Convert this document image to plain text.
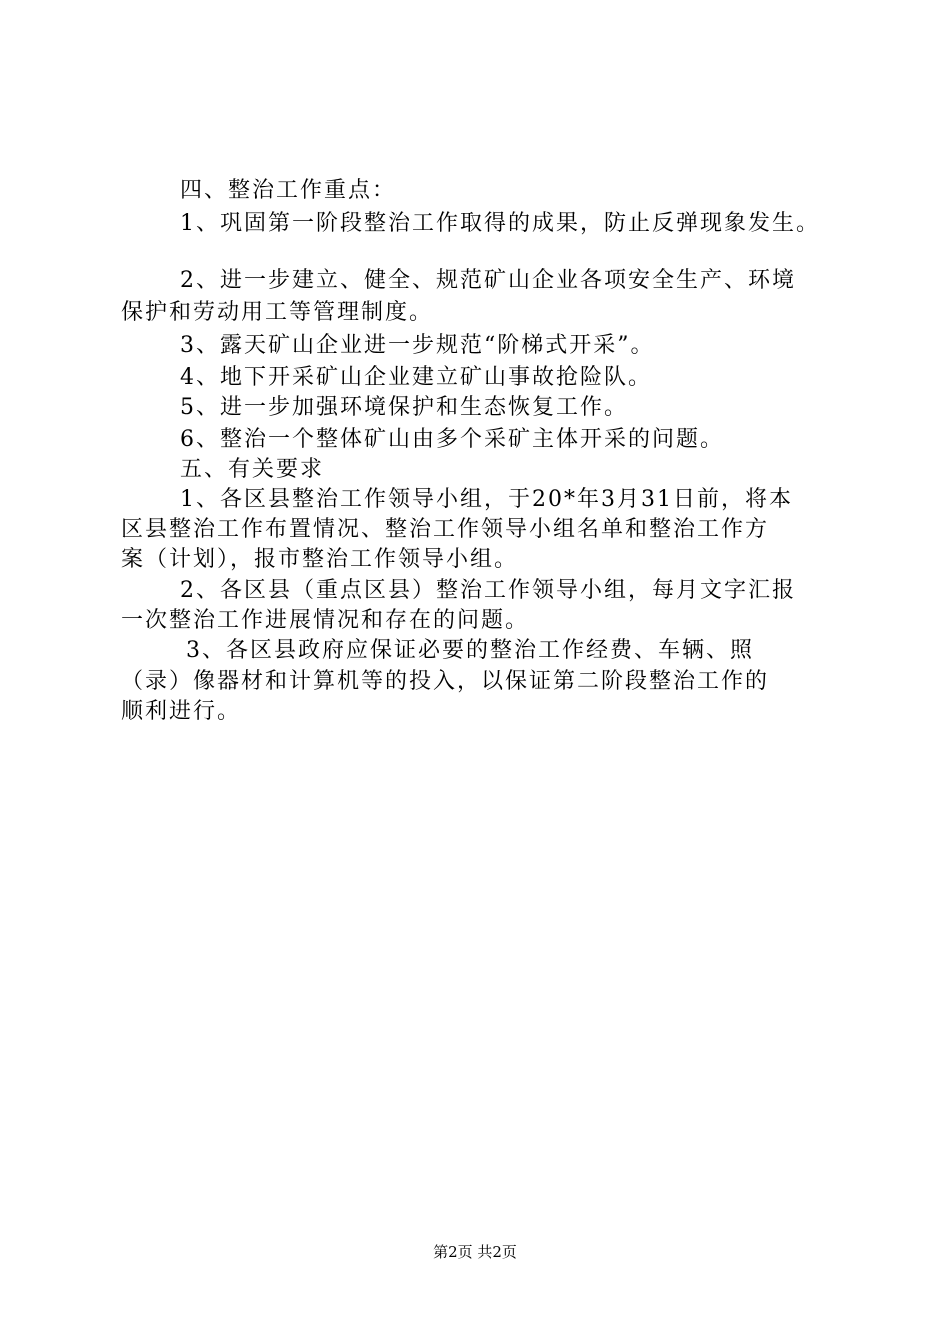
四、整治工作重点：
1、巩固第一阶段整治工作取得的成果，防止反弹现象发生。
2、进一步建立、健全、规范矿山企业各项安全生产、环境
保护和劳动用工等管理制度。
3、露天矿山企业进一步规范“阶梯式开采”。
4、地下开采矿山企业建立矿山事故抢险队。
5、进一步加强环境保护和生态恢复工作。
6、整治一个整体矿山由多个采矿主体开采的问题。
五、有关要求
1、各区县整治工作领导小组，于20*年3月31日前，将本
区县整治工作布置情况、整治工作领导小组名单和整治工作方
案（计划），报市整治工作领导小组。
2、各区县（重点区县）整治工作领导小组，每月文字汇报
一次整治工作进展情况和存在的问题。
3、各区县政府应保证必要的整治工作经费、车辆、照
（录）像器材和计算机等的投入，以保证第二阶段整治工作的
顺利进行。
第2页 共2页
